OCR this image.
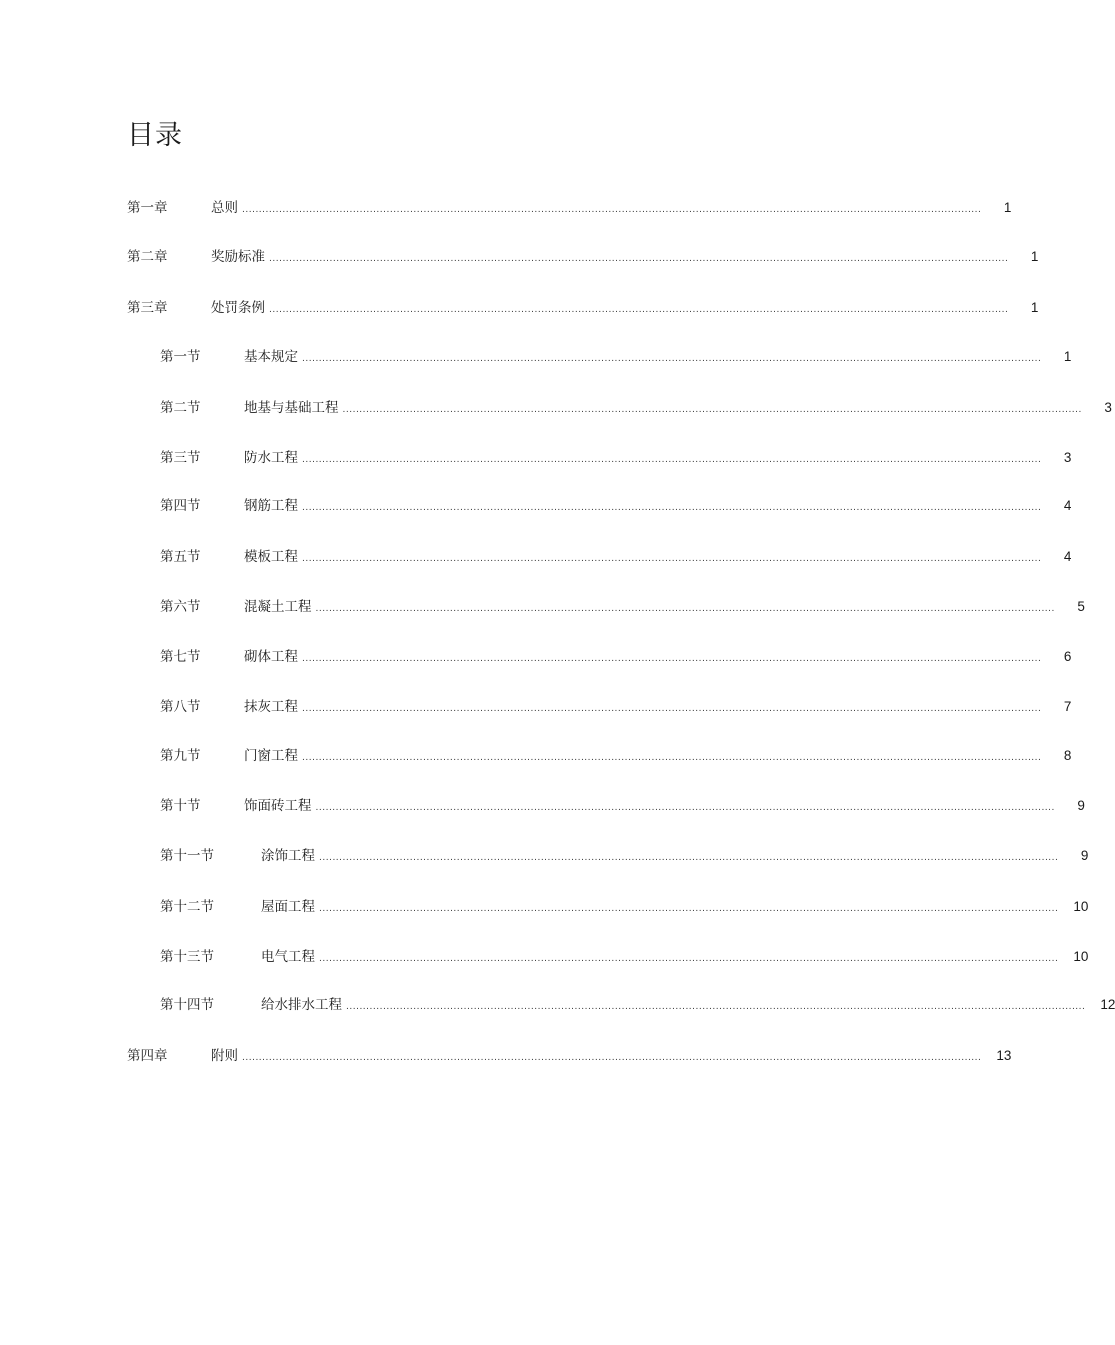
目录
第一章	总则 ............................................................................................................................................................................................................................	1
第二章	奖励标准 ............................................................................................................................................................................................................................	1
第三章	处罚条例 ............................................................................................................................................................................................................................	1
第一节	基本规定 ............................................................................................................................................................................................................................	1
第二节	地基与基础工程 ............................................................................................................................................................................................................................	3
第三节	防水工程 ............................................................................................................................................................................................................................	3
第四节	钢筋工程 ............................................................................................................................................................................................................................	4
第五节	模板工程 ............................................................................................................................................................................................................................	4
第六节	混凝土工程 ............................................................................................................................................................................................................................	5
第七节	砌体工程 ............................................................................................................................................................................................................................	6
第八节	抹灰工程 ............................................................................................................................................................................................................................	7
第九节	门窗工程 ............................................................................................................................................................................................................................	8
第十节	饰面砖工程 ............................................................................................................................................................................................................................	9
第十一节	涂饰工程 ............................................................................................................................................................................................................................	9
第十二节	屋面工程 ............................................................................................................................................................................................................................	10
第十三节	电气工程 ............................................................................................................................................................................................................................	10
第十四节	给水排水工程 ............................................................................................................................................................................................................................	12
第四章	附则 ............................................................................................................................................................................................................................	13
